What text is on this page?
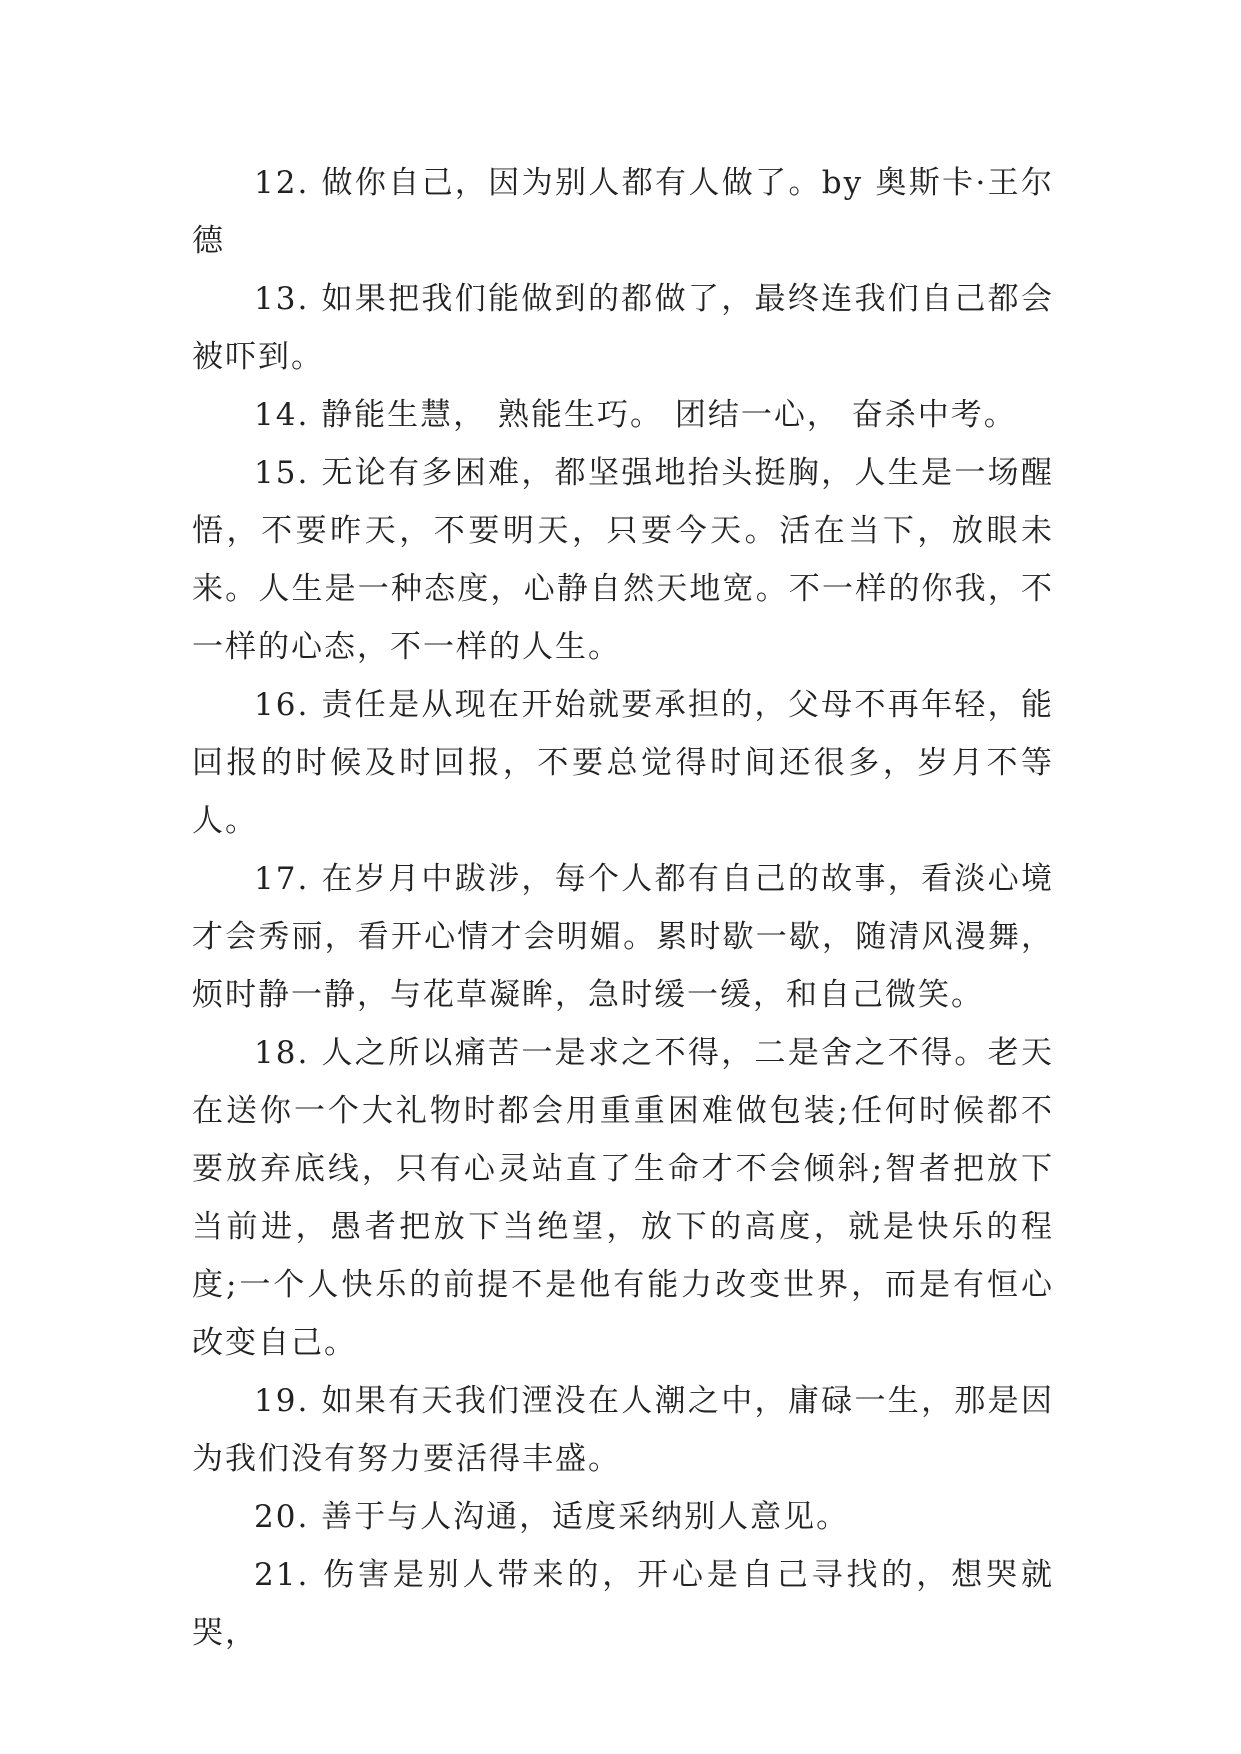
12. 做你自己，因为别人都有人做了。by 奥斯卡·王尔德

13. 如果把我们能做到的都做了，最终连我们自己都会被吓到。

14. 静能生慧， 熟能生巧。 团结一心， 奋杀中考。

15. 无论有多困难，都坚强地抬头挺胸，人生是一场醒悟，不要昨天，不要明天，只要今天。活在当下，放眼未来。人生是一种态度，心静自然天地宽。不一样的你我，不一样的心态，不一样的人生。

16. 责任是从现在开始就要承担的，父母不再年轻，能回报的时候及时回报，不要总觉得时间还很多，岁月不等人。

17. 在岁月中跋涉，每个人都有自己的故事，看淡心境才会秀丽，看开心情才会明媚。累时歇一歇，随清风漫舞，烦时静一静，与花草凝眸，急时缓一缓，和自己微笑。

18. 人之所以痛苦一是求之不得，二是舍之不得。老天在送你一个大礼物时都会用重重困难做包装;任何时候都不要放弃底线，只有心灵站直了生命才不会倾斜;智者把放下当前进，愚者把放下当绝望，放下的高度，就是快乐的程度;一个人快乐的前提不是他有能力改变世界，而是有恒心改变自己。

19. 如果有天我们湮没在人潮之中，庸碌一生，那是因为我们没有努力要活得丰盛。

20. 善于与人沟通，适度采纳别人意见。

21. 伤害是别人带来的，开心是自己寻找的，想哭就哭，
